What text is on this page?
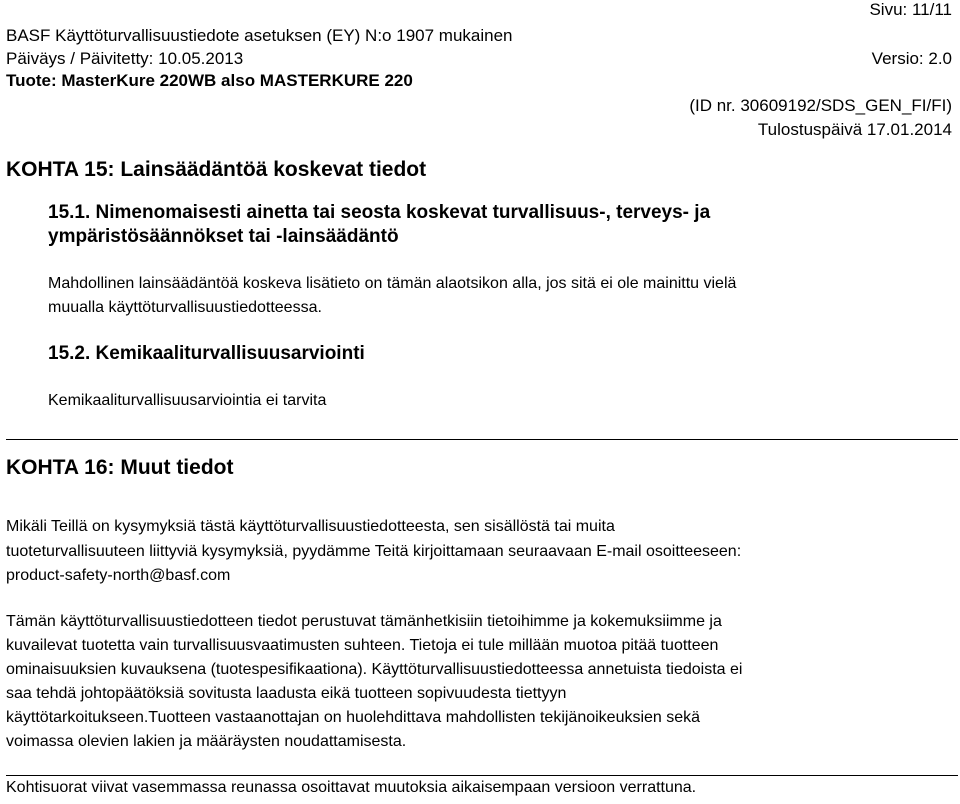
Sivu: 11/11
BASF Käyttöturvallisuustiedote asetuksen (EY) N:o 1907 mukainen
Päiväys / Päivitetty: 10.05.2013	Versio: 2.0
Tuote: MasterKure 220WB also MASTERKURE 220
(ID nr. 30609192/SDS_GEN_FI/FI)
Tulostuspäivä 17.01.2014
KOHTA 15: Lainsäädäntöä koskevat tiedot
15.1. Nimenomaisesti ainetta tai seosta koskevat turvallisuus-, terveys- ja
ympäristösäännökset tai -lainsäädäntö
Mahdollinen lainsäädäntöä koskeva lisätieto on tämän alaotsikon alla, jos sitä ei ole mainittu vielä
muualla käyttöturvallisuustiedotteessa.
15.2. Kemikaaliturvallisuusarviointi
Kemikaaliturvallisuusarviointia ei tarvita
KOHTA 16: Muut tiedot
Mikäli Teillä on kysymyksiä tästä käyttöturvallisuustiedotteesta, sen sisällöstä tai muita
tuoteturvallisuuteen liittyviä kysymyksiä, pyydämme Teitä kirjoittamaan seuraavaan E-mail osoitteeseen:
product-safety-north@basf.com
Tämän käyttöturvallisuustiedotteen tiedot perustuvat tämänhetkisiin tietoihimme ja kokemuksiimme ja
kuvailevat tuotetta vain turvallisuusvaatimusten suhteen. Tietoja ei tule millään muotoa pitää tuotteen
ominaisuuksien kuvauksena (tuotespesifikaationa). Käyttöturvallisuustiedotteessa annetuista tiedoista ei
saa tehdä johtopäätöksiä sovitusta laadusta eikä tuotteen sopivuudesta tiettyyn
käyttötarkoitukseen.Tuotteen vastaanottajan on huolehdittava mahdollisten tekijänoikeuksien sekä
voimassa olevien lakien ja määräysten noudattamisesta.
Kohtisuorat viivat vasemmassa reunassa osoittavat muutoksia aikaisempaan versioon verrattuna.
